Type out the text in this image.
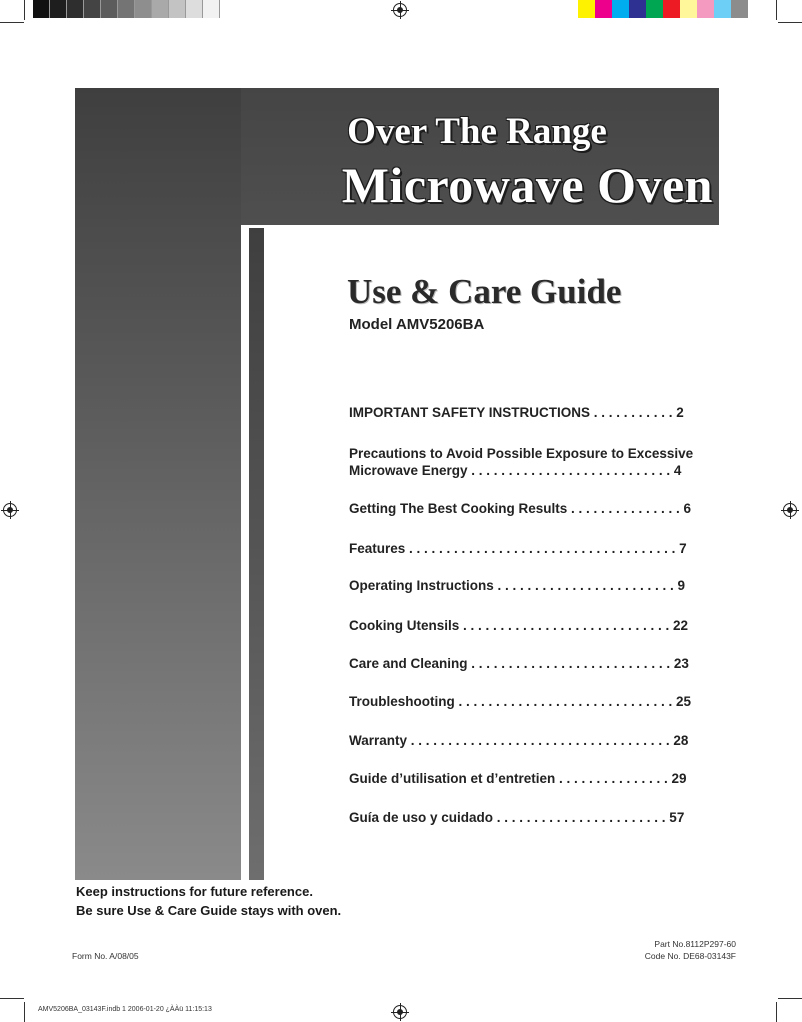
Over The Range
Microwave Oven
Use & Care Guide
Model AMV5206BA
IMPORTANT SAFETY INSTRUCTIONS . . . . . . . . . . . 2
Precautions to Avoid Possible Exposure to Excessive
Microwave Energy . . . . . . . . . . . . . . . . . . . . . . . . . . . 4
Getting The Best Cooking Results . . . . . . . . . . . . . . . 6
Features . . . . . . . . . . . . . . . . . . . . . . . . . . . . . . . . . . . . 7
Operating Instructions . . . . . . . . . . . . . . . . . . . . . . . . 9
Cooking Utensils . . . . . . . . . . . . . . . . . . . . . . . . . . . . 22
Care and Cleaning . . . . . . . . . . . . . . . . . . . . . . . . . . . 23
Troubleshooting . . . . . . . . . . . . . . . . . . . . . . . . . . . . . 25
Warranty . . . . . . . . . . . . . . . . . . . . . . . . . . . . . . . . . . . 28
Guide d’utilisation et d’entretien . . . . . . . . . . . . . . . 29
Guía de uso y cuidado . . . . . . . . . . . . . . . . . . . . . . . 57
Keep instructions for future reference.
Be sure Use & Care Guide stays with oven.
Form No. A/08/05
Part No.8112P297-60
Code No. DE68-03143F
AMV5206BA_03143F.indb 1 2006-01-20 ¿ÀÀü 11:15:13
